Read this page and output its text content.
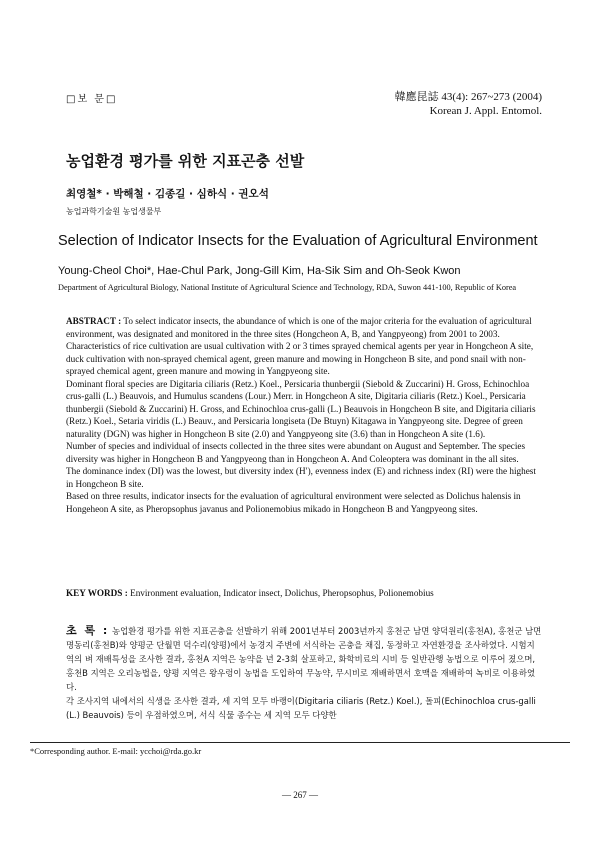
□보 문□	韓應昆誌 43(4): 267~273 (2004)
Korean J. Appl. Entomol.
농업환경 평가를 위한 지표곤충 선발
최영철* · 박해철 · 김종길 · 심하식 · 권오석
농업과학기술원 농업생물부
Selection of Indicator Insects for the Evaluation of Agricultural Environment
Young-Cheol Choi*, Hae-Chul Park, Jong-Gill Kim, Ha-Sik Sim and Oh-Seok Kwon
Department of Agricultural Biology, National Institute of Agricultural Science and Technology, RDA, Suwon 441-100, Republic of Korea

ABSTRACT : To select indicator insects, the abundance of which is one of the major criteria for the evaluation of agricultural environment, was designated and monitored in the three sites (Hongcheon A, B, and Yangpyeong) from 2001 to 2003.

Characteristics of rice cultivation are usual cultivation with 2 or 3 times sprayed chemical agents per year in Hongcheon A site, duck cultivation with non-sprayed chemical agent, green manure and mowing in Hongcheon B site, and pond snail with non-sprayed chemical agent, green manure and mowing in Yangpyeong site.

Dominant floral species are Digitaria ciliaris (Retz.) Koel., Persicaria thunbergii (Siebold & Zuccarini) H. Gross, Echinochloa crus-galli (L.) Beauvois, and Humulus scandens (Lour.) Merr. in Hongcheon A site, Digitaria ciliaris (Retz.) Koel., Persicaria thunbergii (Siebold & Zuccarini) H. Gross, and Echinochloa crus-galli (L.) Beauvois in Hongcheon B site, and Digitaria ciliaris (Retz.) Koel., Setaria viridis (L.) Beauv., and Persicaria longiseta (De Btuyn) Kitagawa in Yangpyeong site. Degree of green naturality (DGN) was higher in Hongcheon B site (2.0) and Yangpyeong site (3.6) than in Hongcheon A site (1.6).

Number of species and individual of insects collected in the three sites were abundant on August and September. The species diversity was higher in Hongcheon B and Yangpyeong than in Hongcheon A. And Coleoptera was dominant in the all sites.

The dominance index (DI) was the lowest, but diversity index (H′), evenness index (E) and richness index (RI) were the highest in Hongcheon B site.

Based on three results, indicator insects for the evaluation of agricultural environment were selected as Dolichus halensis in Hongeheon A site, as Pheropsophus javanus and Polionemobius mikado in Hongcheon B and Yangpyeong sites.

KEY WORDS : Environment evaluation, Indicator insect, Dolichus, Pheropsophus, Polionemobius
초 록 : 농업환경 평가를 위한 지표곤충을 선발하기 위해 2001년부터 2003년까지 홍천군 남면 양덕원리(홍천A), 홍천군 남면 명동리(홍천B)와 양평군 단월면 덕수리(양평)에서 농경지 주변에 서식하는 곤충을 채집, 동정하고 자연환경을 조사하였다. 시험지역의 벼 재배특성을 조사한 결과, 홍천A 지역은 농약을 년 2-3회 살포하고, 화학비료의 시비 등 일반관행 농법으로 이루어 졌으며, 홍천B 지역은 오리농법을, 양평 지역은 왕우렁이 농법을 도입하여 무농약, 무시비로 재배하면서 호맥을 재배하여 녹비로 이용하였다.
각 조사지역 내에서의 식생을 조사한 결과, 세 지역 모두 바랭이(Digitaria ciliaris (Retz.) Koel.), 돌피(Echinochloa crus-galli (L.) Beauvois) 등이 우점하였으며, 서식 식물 종수는 세 지역 모두 다양한
*Corresponding author. E-mail: ycchoi@rda.go.kr
— 267 —
